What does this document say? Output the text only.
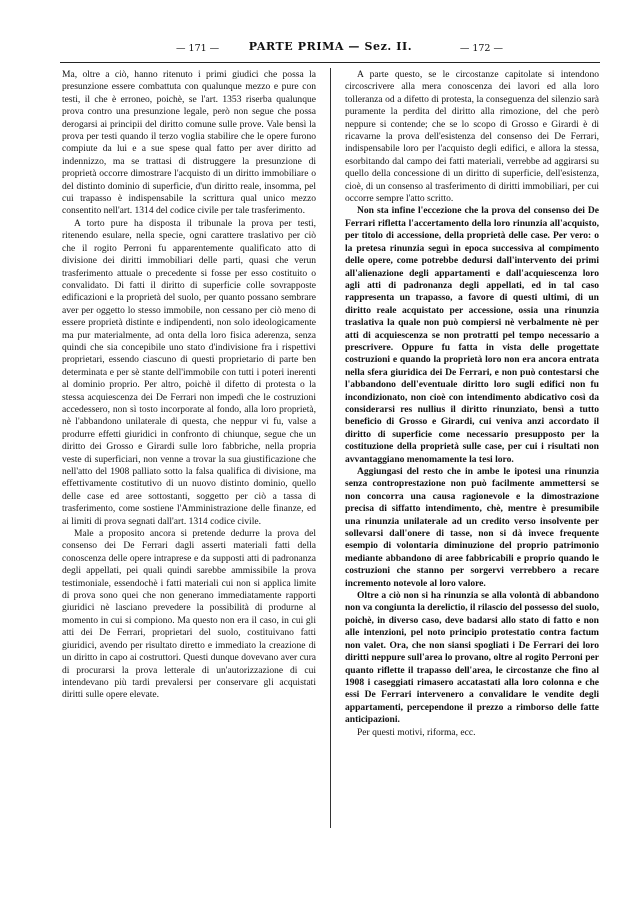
— 171 —	PARTE PRIMA — Sez. II.	— 172 —

Ma, oltre a ciò, hanno ritenuto i primi giudici che possa la presunzione essere combattuta con qualunque mezzo e pure con testi, il che è erroneo, poichè, se l'art. 1353 riserba qualunque prova contro una presunzione legale, però non segue che possa derogarsi ai principii del diritto comune sulle prove. Vale bensì la prova per testi quando il terzo voglia stabilire che le opere furono compiute da lui e a sue spese qual fatto per aver diritto ad indennizzo, ma se trattasi di distruggere la presunzione di proprietà occorre dimostrare l'acquisto di un diritto immobiliare o del distinto dominio di superficie, d'un diritto reale, insomma, pel cui trapasso è indispensabile la scrittura qual unico mezzo consentito nell'art. 1314 del codice civile per tale trasferimento.

A torto pure ha disposta il tribunale la prova per testi, ritenendo esulare, nella specie, ogni carattere traslativo per ciò che il rogito Perroni fu apparentemente qualificato atto di divisione dei diritti immobiliari delle parti, quasi che verun trasferimento attuale o precedente si fosse per esso costituito o convalidato. Di fatti il diritto di superficie colle sovrapposte edificazioni e la proprietà del suolo, per quanto possano sembrare aver per oggetto lo stesso immobile, non cessano per ciò meno di essere proprietà distinte e indipendenti, non solo ideologicamente ma pur materialmente, ad onta della loro fisica aderenza, senza quindi che sia concepibile uno stato d'indivisione fra i rispettivi proprietari, essendo ciascuno di questi proprietario di parte ben determinata e per sè stante dell'immobile con tutti i poteri inerenti al dominio proprio. Per altro, poichè il difetto di protesta o la stessa acquiescenza dei De Ferrari non impedì che le costruzioni accedessero, non sì tosto incorporate al fondo, alla loro proprietà, nè l'abbandono unilaterale di questa, che neppur vi fu, valse a produrre effetti giuridici in confronto di chiunque, segue che un diritto dei Grosso e Girardi sulle loro fabbriche, nella propria veste di superficiari, non venne a trovar la sua giustificazione che nell'atto del 1908 palliato sotto la falsa qualifica di divisione, ma effettivamente costitutivo di un nuovo distinto dominio, quello delle case ed aree sottostanti, soggetto per ciò a tassa di trasferimento, come sostiene l'Amministrazione delle finanze, ed ai limiti di prova segnati dall'art. 1314 codice civile.

Male a proposito ancora si pretende dedurre la prova del consenso dei De Ferrari dagli asserti materiali fatti della conoscenza delle opere intraprese e da supposti atti di padronanza degli appellati, pei quali quindi sarebbe ammissibile la prova testimoniale, essendochè i fatti materiali cui non si applica limite di prova sono quei che non generano immediatamente rapporti giuridici nè lasciano prevedere la possibilità di produrne al momento in cui si compiono. Ma questo non era il caso, in cui gli atti dei De Ferrari, proprietari del suolo, costituivano fatti giuridici, avendo per risultato diretto e immediato la creazione di un diritto in capo ai costruttori. Questi dunque dovevano aver cura di procurarsi la prova letterale di un'autorizzazione di cui intendevano più tardi prevalersi per conservare gli acquistati diritti sulle opere elevate.

A parte questo, se le circostanze capitolate si intendono circoscrivere alla mera conoscenza dei lavori ed alla loro tolleranza od a difetto di protesta, la conseguenza del silenzio sarà puramente la perdita del diritto alla rimozione, del che però neppure si contende; che se lo scopo di Grosso e Girardi è di ricavarne la prova dell'esistenza del consenso dei De Ferrari, indispensabile loro per l'acquisto degli edifici, e allora la stessa, esorbitando dal campo dei fatti materiali, verrebbe ad aggirarsi su quello della concessione di un diritto di superficie, dell'esistenza, cioè, di un consenso al trasferimento di diritti immobiliari, per cui occorre sempre l'atto scritto.

Non sta infine l'eccezione che la prova del consenso dei De Ferrari rifletta l'accertamento della loro rinunzia all'acquisto, per titolo di accessione, della proprietà delle case. Per vero: o la pretesa rinunzia seguì in epoca successiva al compimento delle opere, come potrebbe dedursi dall'intervento dei primi all'alienazione degli appartamenti e dall'acquiescenza loro agli atti di padronanza degli appellati, ed in tal caso rappresenta un trapasso, a favore di questi ultimi, di un diritto reale acquistato per accessione, ossia una rinunzia traslativa la quale non può compiersi nè verbalmente nè per atti di acquiescenza se non protratti pel tempo necessario a prescrivere. Oppure fu fatta in vista delle progettate costruzioni e quando la proprietà loro non era ancora entrata nella sfera giuridica dei De Ferrari, e non può contestarsi che l'abbandono dell'eventuale diritto loro sugli edifici non fu incondizionato, non cioè con intendimento abdicativo così da considerarsi res nullius il diritto rinunziato, bensì a tutto beneficio di Grosso e Girardi, cui veniva anzi accordato il diritto di superficie come necessario presupposto per la costituzione della proprietà sulle case, per cui i risultati non avvantaggiano menomamente la tesi loro.

Aggiungasi del resto che in ambe le ipotesi una rinunzia senza controprestazione non può facilmente ammettersi se non concorra una causa ragionevole e la dimostrazione precisa di siffatto intendimento, chè, mentre è presumibile una rinunzia unilaterale ad un credito verso insolvente per sollevarsi dall'onere di tasse, non si dà invece frequente esempio di volontaria diminuzione del proprio patrimonio mediante abbandono di aree fabbricabili e proprio quando le costruzioni che stanno per sorgervi verrebbero a recare incremento notevole al loro valore.

Oltre a ciò non si ha rinunzia se alla volontà di abbandono non va congiunta la derelictio, il rilascio del possesso del suolo, poichè, in diverso caso, deve badarsi allo stato di fatto e non alle intenzioni, pel noto principio protestatio contra factum non valet. Ora, che non siansi spogliati i De Ferrari dei loro diritti neppure sull'area lo provano, oltre al rogito Perroni per quanto riflette il trapasso dell'area, le circostanze che fino al 1908 i caseggiati rimasero accatastati alla loro colonna e che essi De Ferrari intervenero a convalidare le vendite degli appartamenti, percependone il prezzo a rimborso delle fatte anticipazioni.

Per questi motivi, riforma, ecc.
